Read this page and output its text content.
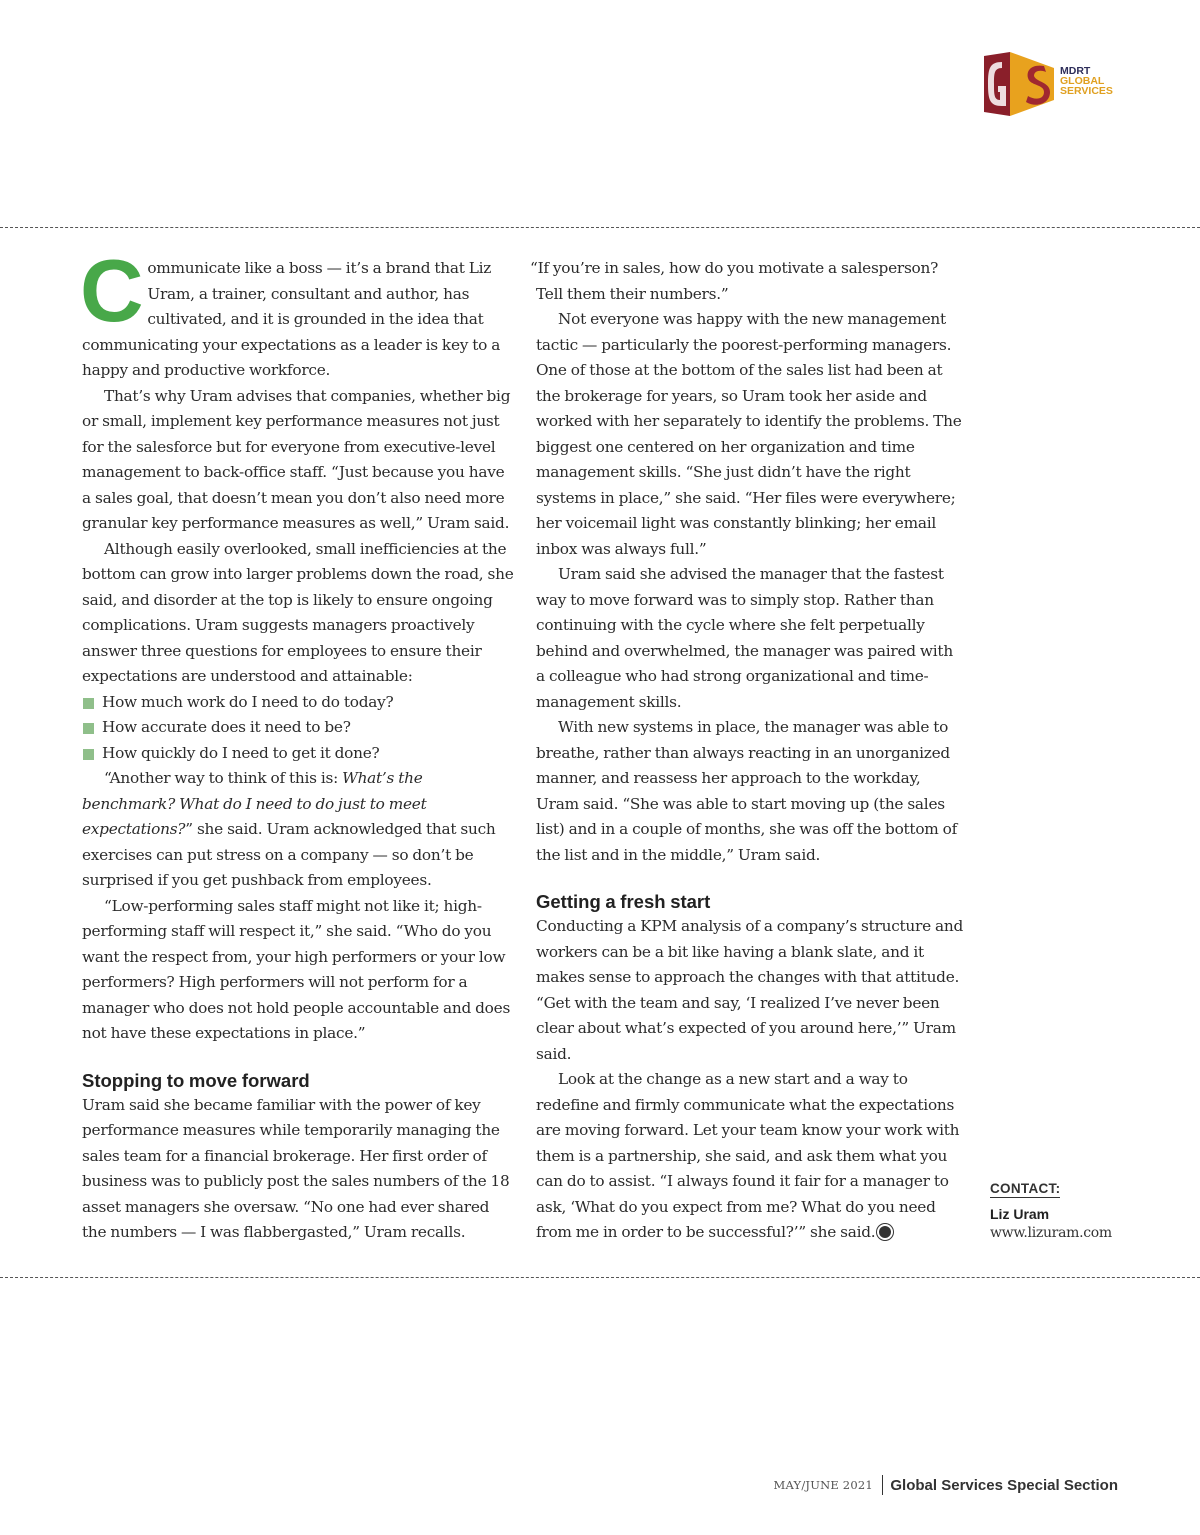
MDRT
GLOBAL
SERVICES

Communicate like a boss — it’s a brand that Liz Uram, a trainer, consultant and author, has cultivated, and it is grounded in the idea that communicating your expectations as a leader is key to a happy and productive workforce.

That’s why Uram advises that companies, whether big or small, implement key performance measures not just for the salesforce but for everyone from executive-level management to back-office staff. “Just because you have a sales goal, that doesn’t mean you don’t also need more granular key performance measures as well,” Uram said.

Although easily overlooked, small inefficiencies at the bottom can grow into larger problems down the road, she said, and disorder at the top is likely to ensure ongoing complications. Uram suggests managers proactively answer three questions for employees to ensure their expectations are understood and attainable:

How much work do I need to do today?
How accurate does it need to be?
How quickly do I need to get it done?

“Another way to think of this is: What’s the benchmark? What do I need to do just to meet expectations?” she said. Uram acknowledged that such exercises can put stress on a company — so don’t be surprised if you get pushback from employees.

“Low-performing sales staff might not like it; high-performing staff will respect it,” she said. “Who do you want the respect from, your high performers or your low performers? High performers will not perform for a manager who does not hold people accountable and does not have these expectations in place.”

Stopping to move forward

Uram said she became familiar with the power of key performance measures while temporarily managing the sales team for a financial brokerage. Her first order of business was to publicly post the sales numbers of the 18 asset managers she oversaw. “No one had ever shared the numbers — I was flabbergasted,” Uram recalls.

“If you’re in sales, how do you motivate a salesperson? Tell them their numbers.”

Not everyone was happy with the new management tactic — particularly the poorest-performing managers. One of those at the bottom of the sales list had been at the brokerage for years, so Uram took her aside and worked with her separately to identify the problems. The biggest one centered on her organization and time management skills. “She just didn’t have the right systems in place,” she said. “Her files were everywhere; her voicemail light was constantly blinking; her email inbox was always full.”

Uram said she advised the manager that the fastest way to move forward was to simply stop. Rather than continuing with the cycle where she felt perpetually behind and overwhelmed, the manager was paired with a colleague who had strong organizational and time-management skills.

With new systems in place, the manager was able to breathe, rather than always reacting in an unorganized manner, and reassess her approach to the workday, Uram said. “She was able to start moving up (the sales list) and in a couple of months, she was off the bottom of the list and in the middle,” Uram said.

Getting a fresh start

Conducting a KPM analysis of a company’s structure and workers can be a bit like having a blank slate, and it makes sense to approach the changes with that attitude. “Get with the team and say, ‘I realized I’ve never been clear about what’s expected of you around here,’” Uram said.

Look at the change as a new start and a way to redefine and firmly communicate what the expectations are moving forward. Let your team know your work with them is a partnership, she said, and ask them what you can do to assist. “I always found it fair for a manager to ask, ‘What do you expect from me? What do you need from me in order to be successful?’” she said.

CONTACT:
Liz Uram
www.lizuram.com
MAY/JUNE 2021 Global Services Special Section
